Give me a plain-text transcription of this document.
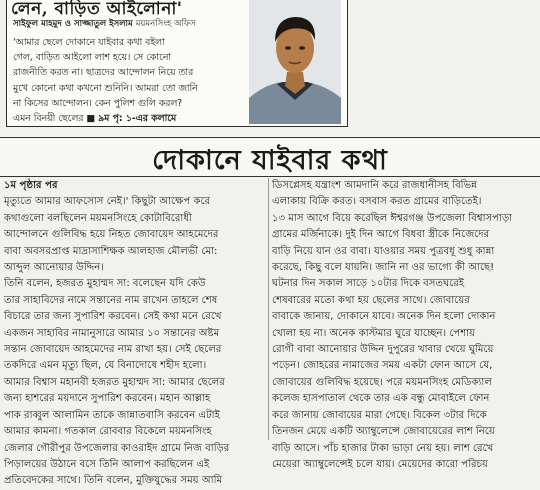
লেন, বাড়িত আইলোনা'
সাইফুল মাহমুদ ও সাজ্জাতুল ইসলাম ময়মনসিংহ অফিস

'আমার ছেলে দোকানে যাইবার কথা বইলা

গেল, বাড়িত আইলো লাশ হয়ে। সে কোনো

রাজনীতি করত না। ছাত্রদের আন্দোলন নিয়ে তার

মুখে কোনো কথা কখনো শুনিনি। আমরা তো জানি

না কিসের আন্দোলন। কেন পুলিশ গুলি করল?

এমন বিনয়ী ছেলের ■ ৯ম পৃ: ১-এর কলামে

দোকানে যাইবার কথা

১ম পৃষ্ঠার পর

মৃত্যুতে আমার আফসোস নেই।' কিছুটা আক্ষেপ করে

কথাগুলো বলছিলেন ময়মনসিংহে কোটাবিরোধী

আন্দোলনে গুলিবিদ্ধ হয়ে নিহত জোবায়েদ আহমেদের

বাবা অবসরপ্রাপ্ত মাদ্রাসাশিক্ষক আলহাজ মৌলভী মো:

আব্দুল আনোয়ার উদ্দিন।

তিনি বলেন, হজরত মুহাম্মদ সা: বলেছেন যদি কেউ

তার সাহাবিদের নামে সন্তানের নাম রাখেন তাহলে শেষ

বিচারে তার জন্য সুপারিশ করবেন। সেই কথা মনে রেখে

একজন সাহাবির নামানুসারে আমার ১০ সন্তানের অষ্টম

সন্তান জোবায়েদ আহমেদের নাম রাখা হয়। সেই ছেলের

তকদিরে এমন মৃত্যু ছিল, যে বিনাদোষে শহীদ হলো।

আমার বিশ্বাস মহানবী হজরত মুহাম্মদ সা: আমার ছেলের

জন্য হাশরের ময়দানে সুপারিশ করবেন। মহান আল্লাহ

পাক রাব্বুল আলামিন তাকে জান্নাতবাসি করবেন এটাই

আমার কামনা। গতকাল রোববার বিকেলে ময়মনসিংহ

জেলার গৌরীপুর উপজেলার কাওরাইদ গ্রামে নিজ বাড়ির

পিড়ালয়ের উঠানে বসে তিনি আলাপ করছিলেন এই

প্রতিবেদকের সাথে। তিনি বলেন, মুক্তিযুদ্ধের সময় আমি

ডিসপ্লেসহ যন্ত্রাংশ আমদানি করে রাজধানীসহ বিভিন্ন

এলাকায় বিক্রি করত। বসবাস করত গ্রামের বাড়িতেই।

১৩ মাস আগে বিয়ে করেছিল ঈশ্বরগঞ্জ উপজেলা বিশ্বাসপাড়া

গ্রামের মর্জিনাকে। দুই দিন আগে বিধবা স্ত্রীকে নিজেদের

বাড়ি নিয়ে যান ওর বাবা। যাওয়ার সময় পুত্রবধূ শুধু কান্না

করেছে, কিছু বলে যায়নি। জানি না ওর ভাগ্যে কী আছে!

ঘটনার দিন সকাল সাড়ে ১০টার দিকে বসতঘরেই

শেষবারের মতো কথা হয় ছেলের সাথে। জোবায়ের

বাবাকে জানায়, দোকানে যাবে। অনেক দিন হলো দোকান

খোলা হয় না। অনেক কাস্টমার ঘুরে যাচ্ছেন। পেশায়

রোগী বাবা আনোয়ার উদ্দিন দুপুরের খাবার খেয়ে ঘুমিয়ে

পড়েন। জোহরের নামাজের সময় একটা ফোন আসে যে,

জোবায়ের গুলিবিদ্ধ হয়েছে। পরে ময়মনসিংহ মেডিক্যাল

কলেজ হাসপাতাল থেকে তার এক বন্ধু মোবাইলে ফোন

করে জানায় জোবায়ের মারা গেছে। বিকেল ৩টার দিকে

তিনজন মেয়ে একটি অ্যাম্বুলেন্সে জোবায়েরের লাশ নিয়ে

বাড়ি আসে। পাঁচ হাজার টাকা ভাড়া নেয় হয়। লাশ রেখে

মেয়েরা অ্যাম্বুলেন্সেই চলে যায়। মেয়েদের কারো পরিচয়
